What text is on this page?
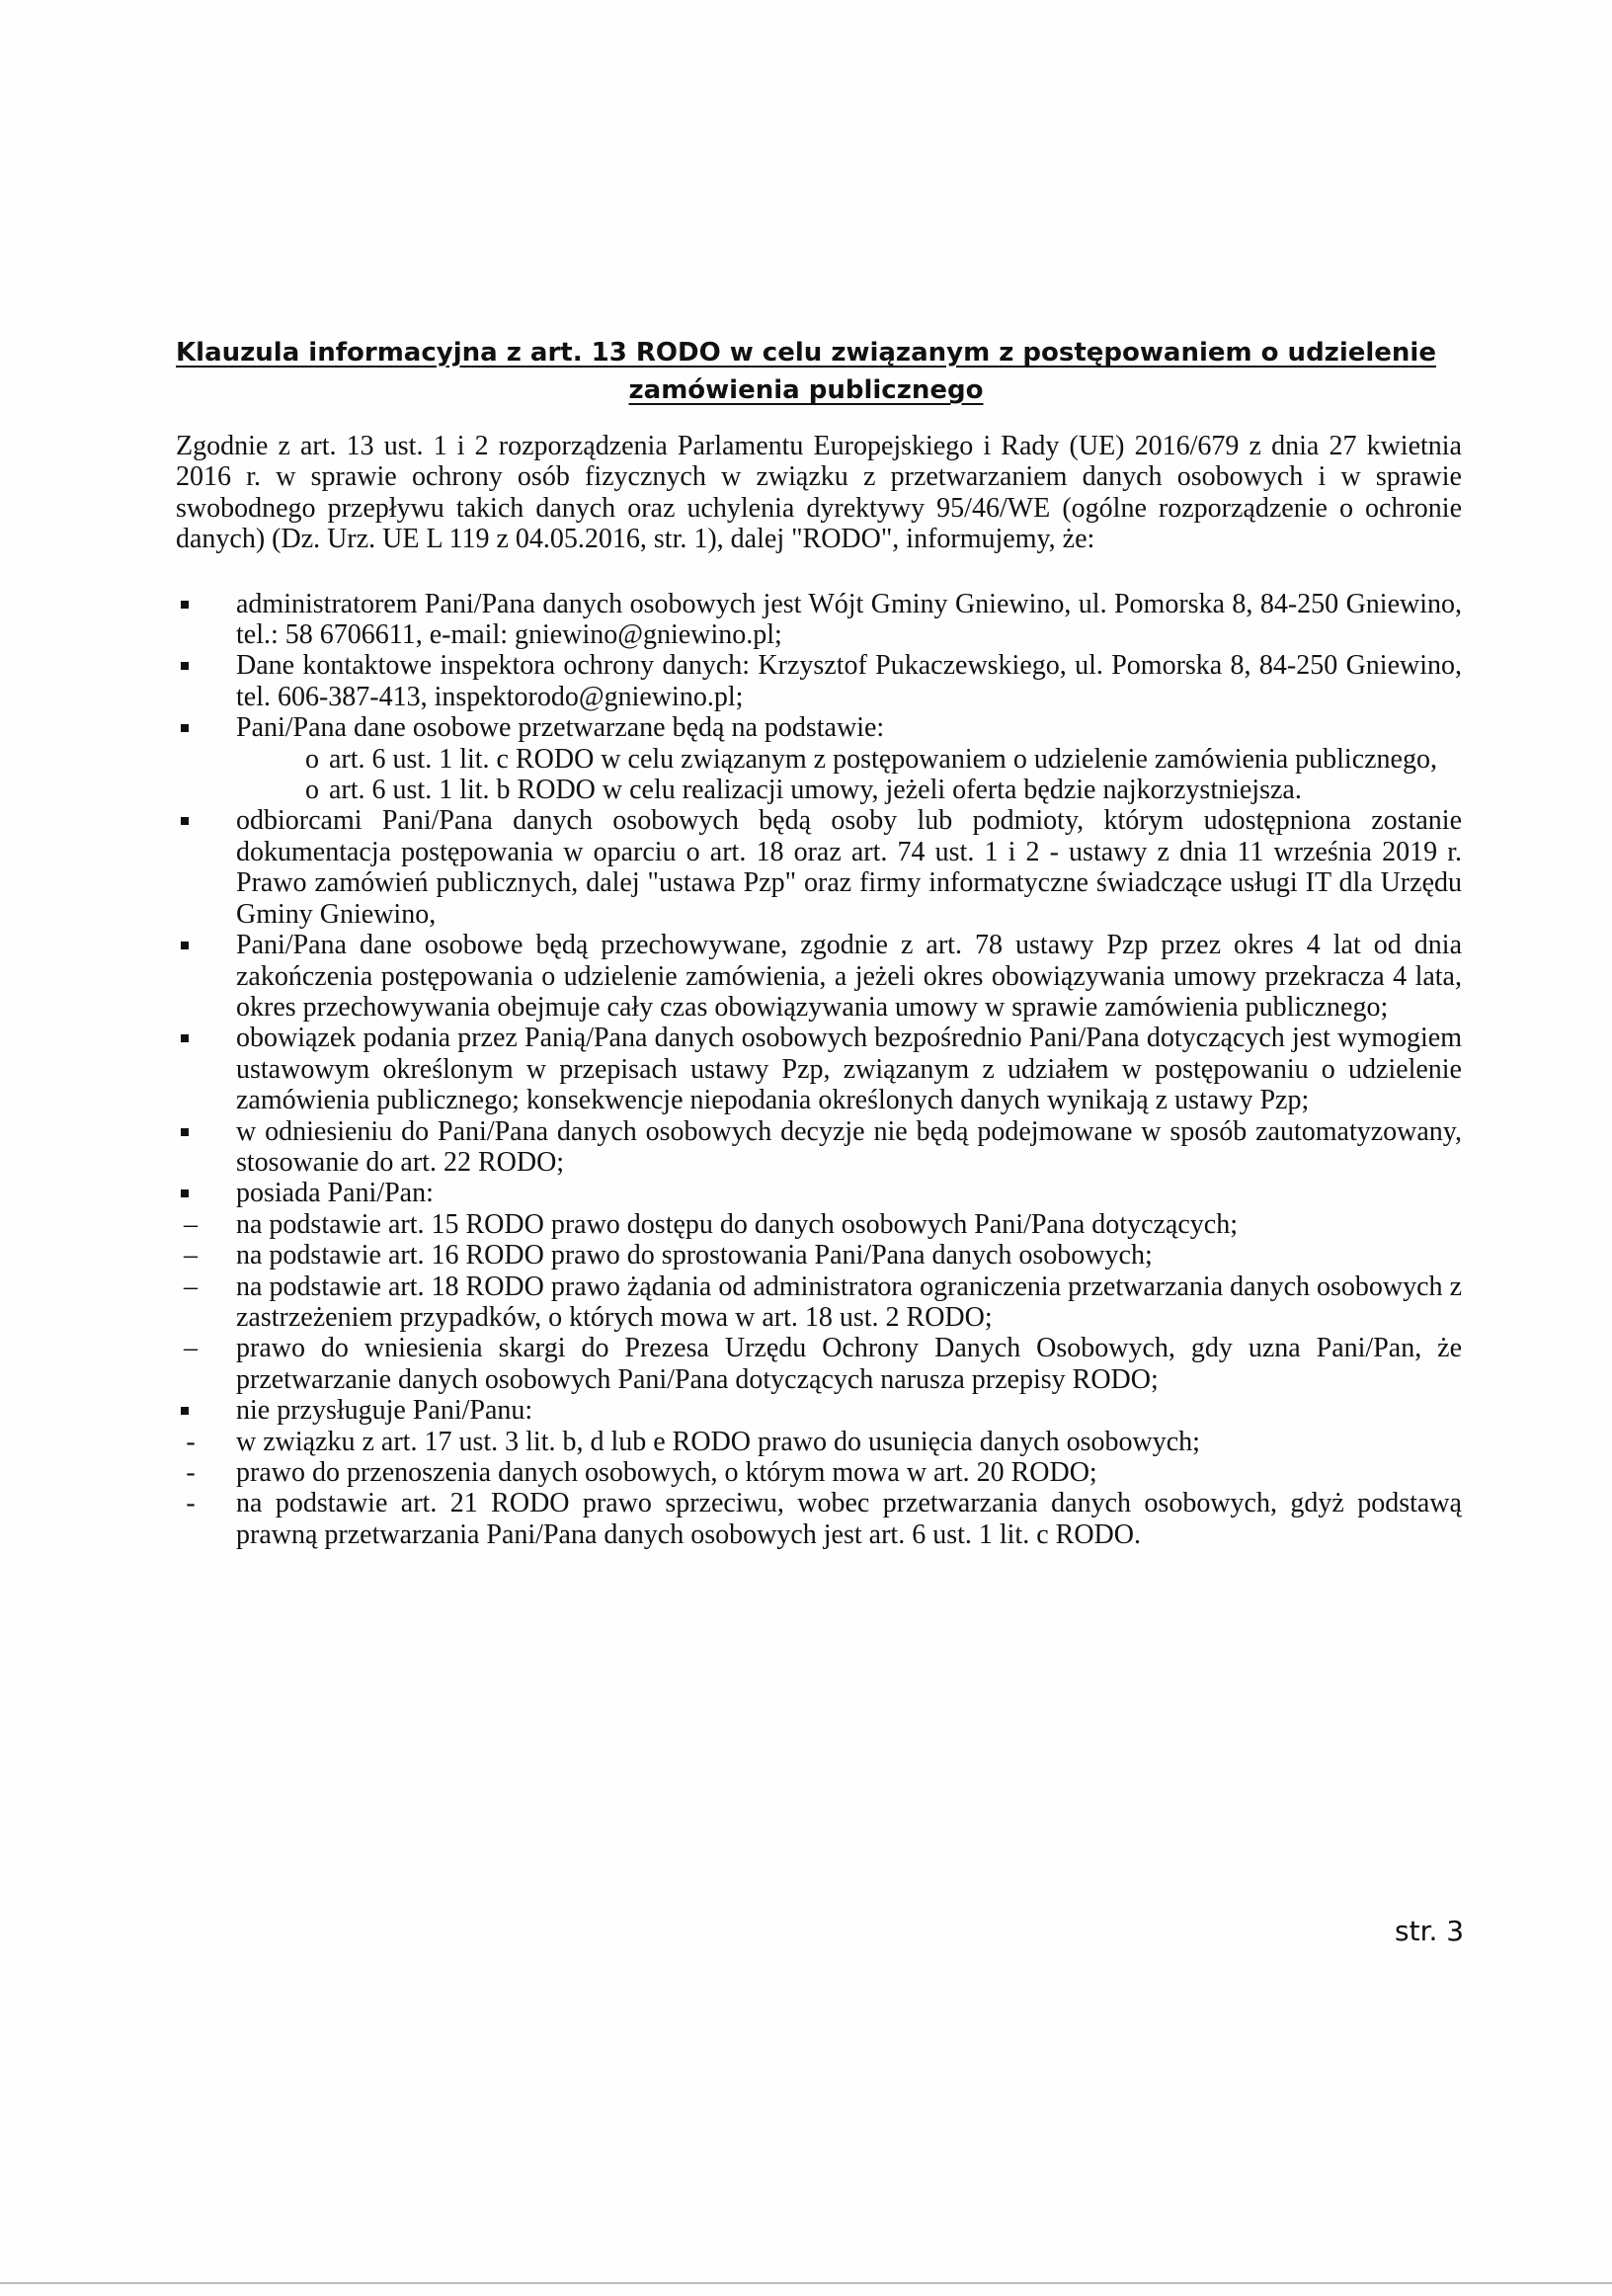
Klauzula informacyjna z art. 13 RODO w celu związanym z postępowaniem o udzielenie zamówienia publicznego

Zgodnie z art. 13 ust. 1 i 2 rozporządzenia Parlamentu Europejskiego i Rady (UE) 2016/679 z dnia 27 kwietnia 2016 r. w sprawie ochrony osób fizycznych w związku z przetwarzaniem danych osobowych i w sprawie swobodnego przepływu takich danych oraz uchylenia dyrektywy 95/46/WE (ogólne rozporządzenie o ochronie danych) (Dz. Urz. UE L 119 z 04.05.2016, str. 1), dalej "RODO", informujemy, że:

administratorem Pani/Pana danych osobowych jest Wójt Gminy Gniewino, ul. Pomorska 8, 84-250 Gniewino, tel.: 58 6706611, e-mail: gniewino@gniewino.pl;
Dane kontaktowe inspektora ochrony danych: Krzysztof Pukaczewskiego, ul. Pomorska 8, 84-250 Gniewino, tel. 606-387-413, inspektorodo@gniewino.pl;
Pani/Pana dane osobowe przetwarzane będą na podstawie:
o art. 6 ust. 1 lit. c RODO w celu związanym z postępowaniem o udzielenie zamówienia publicznego,
o art. 6 ust. 1 lit. b RODO w celu realizacji umowy, jeżeli oferta będzie najkorzystniejsza.
odbiorcami Pani/Pana danych osobowych będą osoby lub podmioty, którym udostępniona zostanie dokumentacja postępowania w oparciu o art. 18 oraz art. 74 ust. 1 i 2 - ustawy z dnia 11 września 2019 r. Prawo zamówień publicznych, dalej "ustawa Pzp" oraz firmy informatyczne świadczące usługi IT dla Urzędu Gminy Gniewino,
Pani/Pana dane osobowe będą przechowywane, zgodnie z art. 78 ustawy Pzp przez okres 4 lat od dnia zakończenia postępowania o udzielenie zamówienia, a jeżeli okres obowiązywania umowy przekracza 4 lata, okres przechowywania obejmuje cały czas obowiązywania umowy w sprawie zamówienia publicznego;
obowiązek podania przez Panią/Pana danych osobowych bezpośrednio Pani/Pana dotyczących jest wymogiem ustawowym określonym w przepisach ustawy Pzp, związanym z udziałem w postępowaniu o udzielenie zamówienia publicznego; konsekwencje niepodania określonych danych wynikają z ustawy Pzp;
w odniesieniu do Pani/Pana danych osobowych decyzje nie będą podejmowane w sposób zautomatyzowany, stosowanie do art. 22 RODO;
posiada Pani/Pan:
– na podstawie art. 15 RODO prawo dostępu do danych osobowych Pani/Pana dotyczących;
– na podstawie art. 16 RODO prawo do sprostowania Pani/Pana danych osobowych;
– na podstawie art. 18 RODO prawo żądania od administratora ograniczenia przetwarzania danych osobowych z zastrzeżeniem przypadków, o których mowa w art. 18 ust. 2 RODO;
– prawo do wniesienia skargi do Prezesa Urzędu Ochrony Danych Osobowych, gdy uzna Pani/Pan, że przetwarzanie danych osobowych Pani/Pana dotyczących narusza przepisy RODO;
nie przysługuje Pani/Panu:
-	w związku z art. 17 ust. 3 lit. b, d lub e RODO prawo do usunięcia danych osobowych;
-	prawo do przenoszenia danych osobowych, o którym mowa w art. 20 RODO;
-	na podstawie art. 21 RODO prawo sprzeciwu, wobec przetwarzania danych osobowych, gdyż podstawą prawną przetwarzania Pani/Pana danych osobowych jest art. 6 ust. 1 lit. c RODO.
str. 3
